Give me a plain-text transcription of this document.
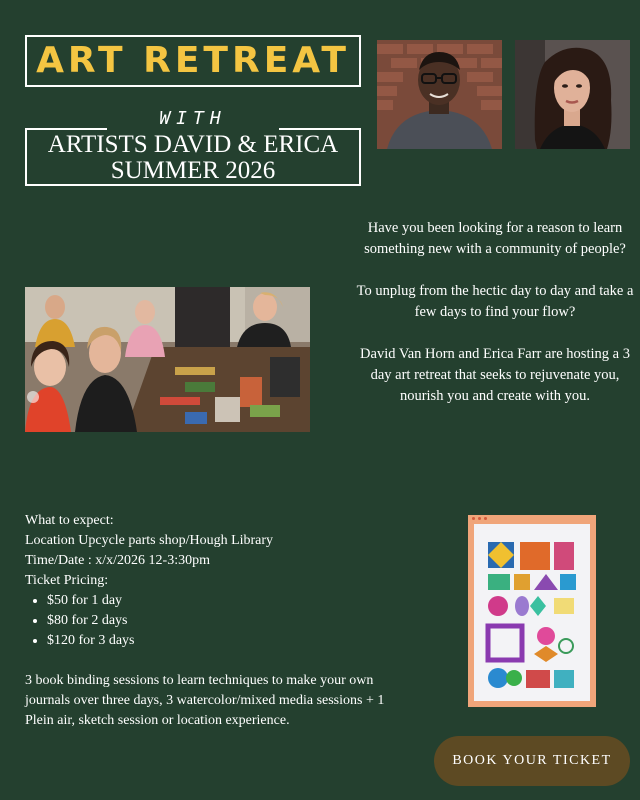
ART RETREAT
WITH
ARTISTS DAVID & ERICA
SUMMER 2026

Have you been looking for a reason to learn something new with a community of people?

To unplug from the hectic day to day and take a few days to find your flow?

David Van Horn and Erica Farr are hosting a 3 day art retreat that seeks to rejuvenate you, nourish you and create with you.

What to expect:
Location Upcycle parts shop/Hough Library
Time/Date : x/x/2026 12-3:30pm
Ticket Pricing:
• $50 for 1 day
• $80 for 2 days
• $120 for 3 days
3 book binding sessions to learn techniques to make your own journals over three days, 3 watercolor/mixed media sessions + 1 Plein air, sketch session or location experience.
BOOK YOUR TICKET
